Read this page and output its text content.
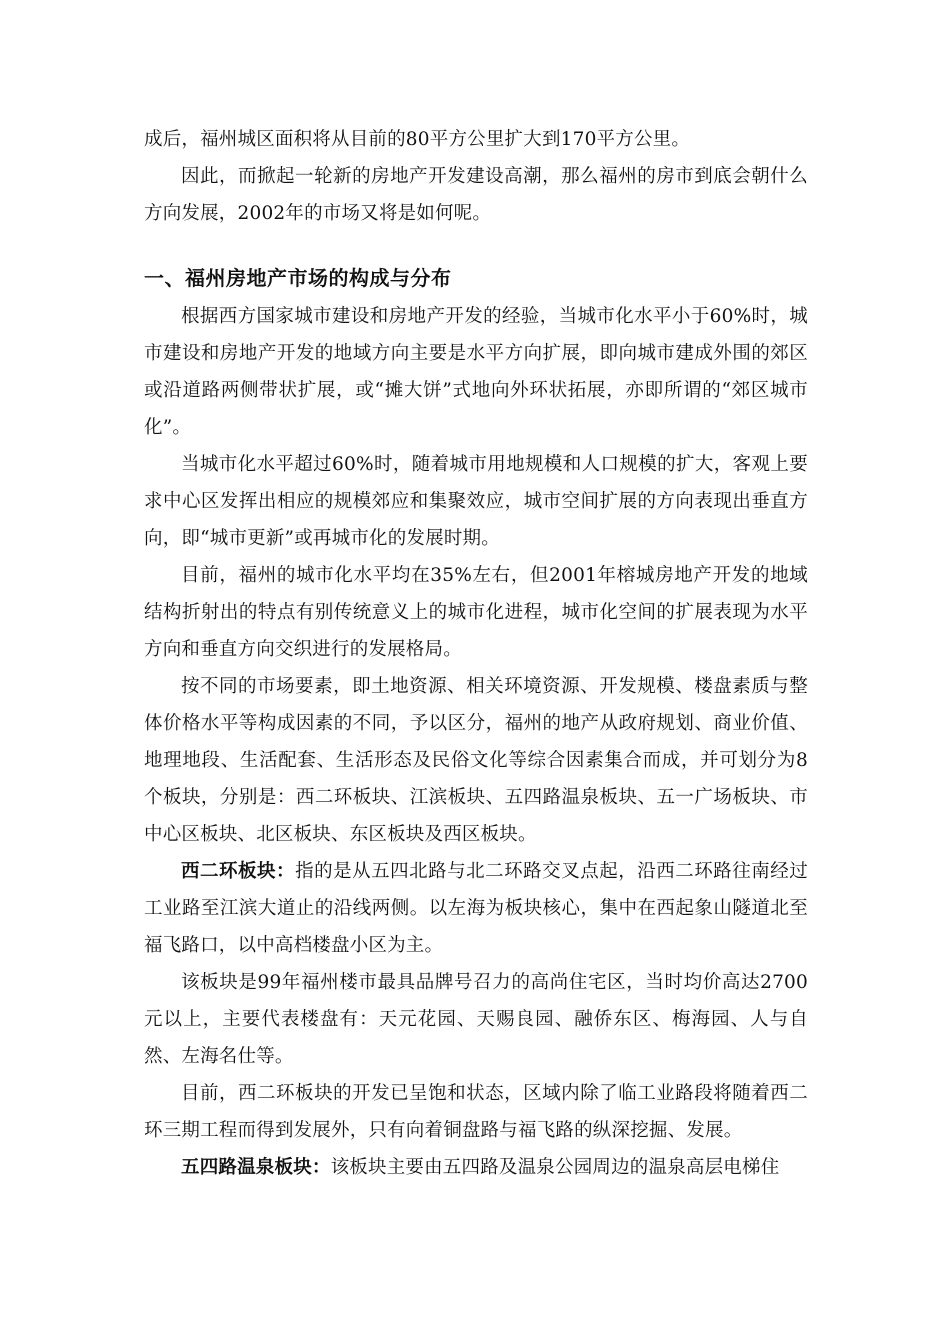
成后，福州城区面积将从目前的80平方公里扩大到170平方公里。

因此，而掀起一轮新的房地产开发建设高潮，那么福州的房市到底会朝什么方向发展，2002年的市场又将是如何呢。

一、福州房地产市场的构成与分布

根据西方国家城市建设和房地产开发的经验，当城市化水平小于60%时，城市建设和房地产开发的地域方向主要是水平方向扩展，即向城市建成外围的郊区或沿道路两侧带状扩展，或“摊大饼”式地向外环状拓展，亦即所谓的“郊区城市化”。

当城市化水平超过60%时，随着城市用地规模和人口规模的扩大，客观上要求中心区发挥出相应的规模郊应和集聚效应，城市空间扩展的方向表现出垂直方向，即“城市更新”或再城市化的发展时期。

目前，福州的城市化水平均在35%左右，但2001年榕城房地产开发的地域结构折射出的特点有别传统意义上的城市化进程，城市化空间的扩展表现为水平方向和垂直方向交织进行的发展格局。

按不同的市场要素，即土地资源、相关环境资源、开发规模、楼盘素质与整体价格水平等构成因素的不同，予以区分，福州的地产从政府规划、商业价值、地理地段、生活配套、生活形态及民俗文化等综合因素集合而成，并可划分为8个板块，分别是：西二环板块、江滨板块、五四路温泉板块、五一广场板块、市中心区板块、北区板块、东区板块及西区板块。

西二环板块：指的是从五四北路与北二环路交叉点起，沿西二环路往南经过工业路至江滨大道止的沿线两侧。以左海为板块核心，集中在西起象山隧道北至福飞路口，以中高档楼盘小区为主。

该板块是99年福州楼市最具品牌号召力的高尚住宅区，当时均价高达2700元以上，主要代表楼盘有：天元花园、天赐良园、融侨东区、梅海园、人与自然、左海名仕等。

目前，西二环板块的开发已呈饱和状态，区域内除了临工业路段将随着西二环三期工程而得到发展外，只有向着铜盘路与福飞路的纵深挖掘、发展。

五四路温泉板块：该板块主要由五四路及温泉公园周边的温泉高层电梯住
